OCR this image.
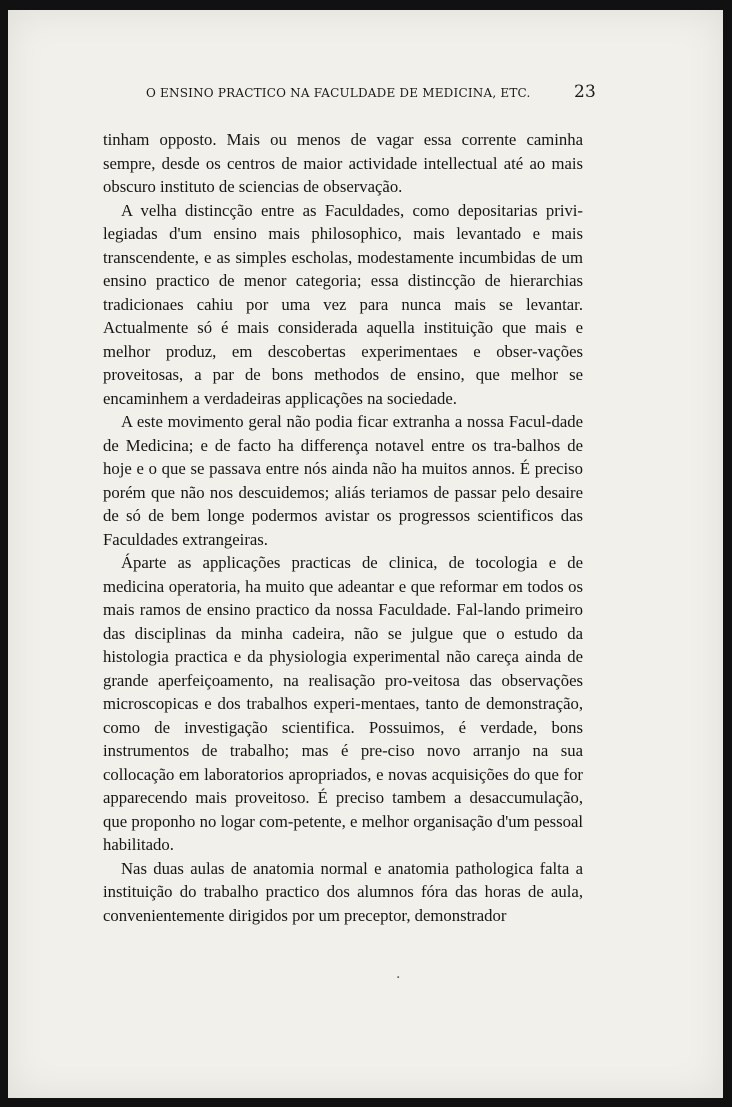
O ENSINO PRACTICO NA FACULDADE DE MEDICINA, ETC.	23

tinham opposto. Mais ou menos de vagar essa corrente caminha sempre, desde os centros de maior actividade intellectual até ao mais obscuro instituto de sciencias de observação.

A velha distincção entre as Faculdades, como depositarias privi-legiadas d'um ensino mais philosophico, mais levantado e mais transcendente, e as simples escholas, modestamente incumbidas de um ensino practico de menor categoria; essa distincção de hierarchias tradicionaes cahiu por uma vez para nunca mais se levantar. Actualmente só é mais considerada aquella instituição que mais e melhor produz, em descobertas experimentaes e obser-vações proveitosas, a par de bons methodos de ensino, que melhor se encaminhem a verdadeiras applicações na sociedade.

A este movimento geral não podia ficar extranha a nossa Facul-dade de Medicina; e de facto ha differença notavel entre os tra-balhos de hoje e o que se passava entre nós ainda não ha muitos annos. É preciso porém que não nos descuidemos; aliás teriamos de passar pelo desaire de só de bem longe podermos avistar os progressos scientificos das Faculdades extrangeiras.

Áparte as applicações practicas de clinica, de tocologia e de medicina operatoria, ha muito que adeantar e que reformar em todos os mais ramos de ensino practico da nossa Faculdade. Fal-lando primeiro das disciplinas da minha cadeira, não se julgue que o estudo da histologia practica e da physiologia experimental não careça ainda de grande aperfeiçoamento, na realisação pro-veitosa das observações microscopicas e dos trabalhos experi-mentaes, tanto de demonstração, como de investigação scientifica. Possuimos, é verdade, bons instrumentos de trabalho; mas é pre-ciso novo arranjo na sua collocação em laboratorios apropriados, e novas acquisições do que for apparecendo mais proveitoso. É preciso tambem a desaccumulação, que proponho no logar com-petente, e melhor organisação d'um pessoal habilitado.

Nas duas aulas de anatomia normal e anatomia pathologica falta a instituição do trabalho practico dos alumnos fóra das horas de aula, convenientemente dirigidos por um preceptor, demonstrador

·
